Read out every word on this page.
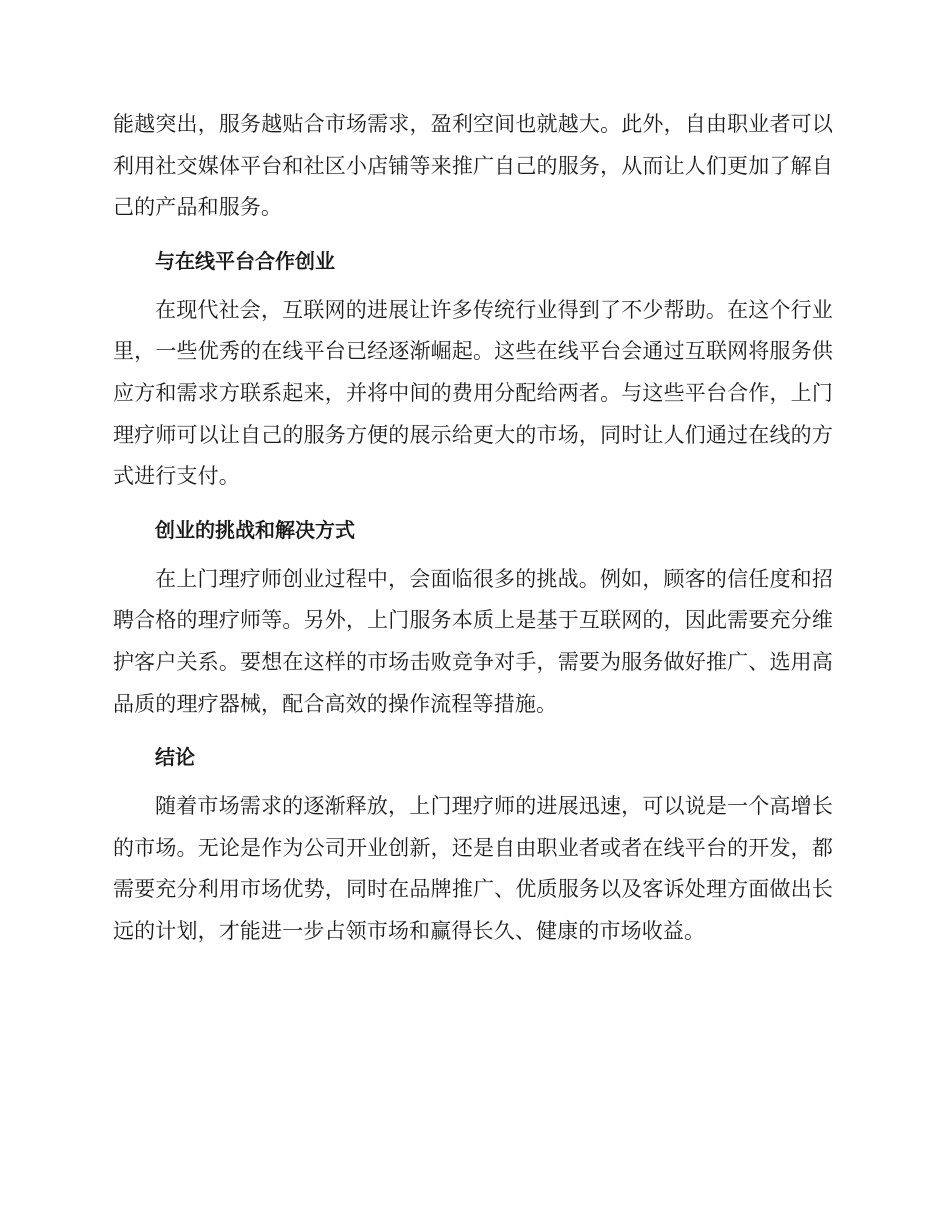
能越突出，服务越贴合市场需求，盈利空间也就越大。此外，自由职业者可以利用社交媒体平台和社区小店铺等来推广自己的服务，从而让人们更加了解自己的产品和服务。

与在线平台合作创业

在现代社会，互联网的进展让许多传统行业得到了不少帮助。在这个行业里，一些优秀的在线平台已经逐渐崛起。这些在线平台会通过互联网将服务供应方和需求方联系起来，并将中间的费用分配给两者。与这些平台合作，上门理疗师可以让自己的服务方便的展示给更大的市场，同时让人们通过在线的方式进行支付。

创业的挑战和解决方式

在上门理疗师创业过程中，会面临很多的挑战。例如，顾客的信任度和招聘合格的理疗师等。另外，上门服务本质上是基于互联网的，因此需要充分维护客户关系。要想在这样的市场击败竞争对手，需要为服务做好推广、选用高品质的理疗器械，配合高效的操作流程等措施。

结论

随着市场需求的逐渐释放，上门理疗师的进展迅速，可以说是一个高增长的市场。无论是作为公司开业创新，还是自由职业者或者在线平台的开发，都需要充分利用市场优势，同时在品牌推广、优质服务以及客诉处理方面做出长远的计划，才能进一步占领市场和赢得长久、健康的市场收益。
